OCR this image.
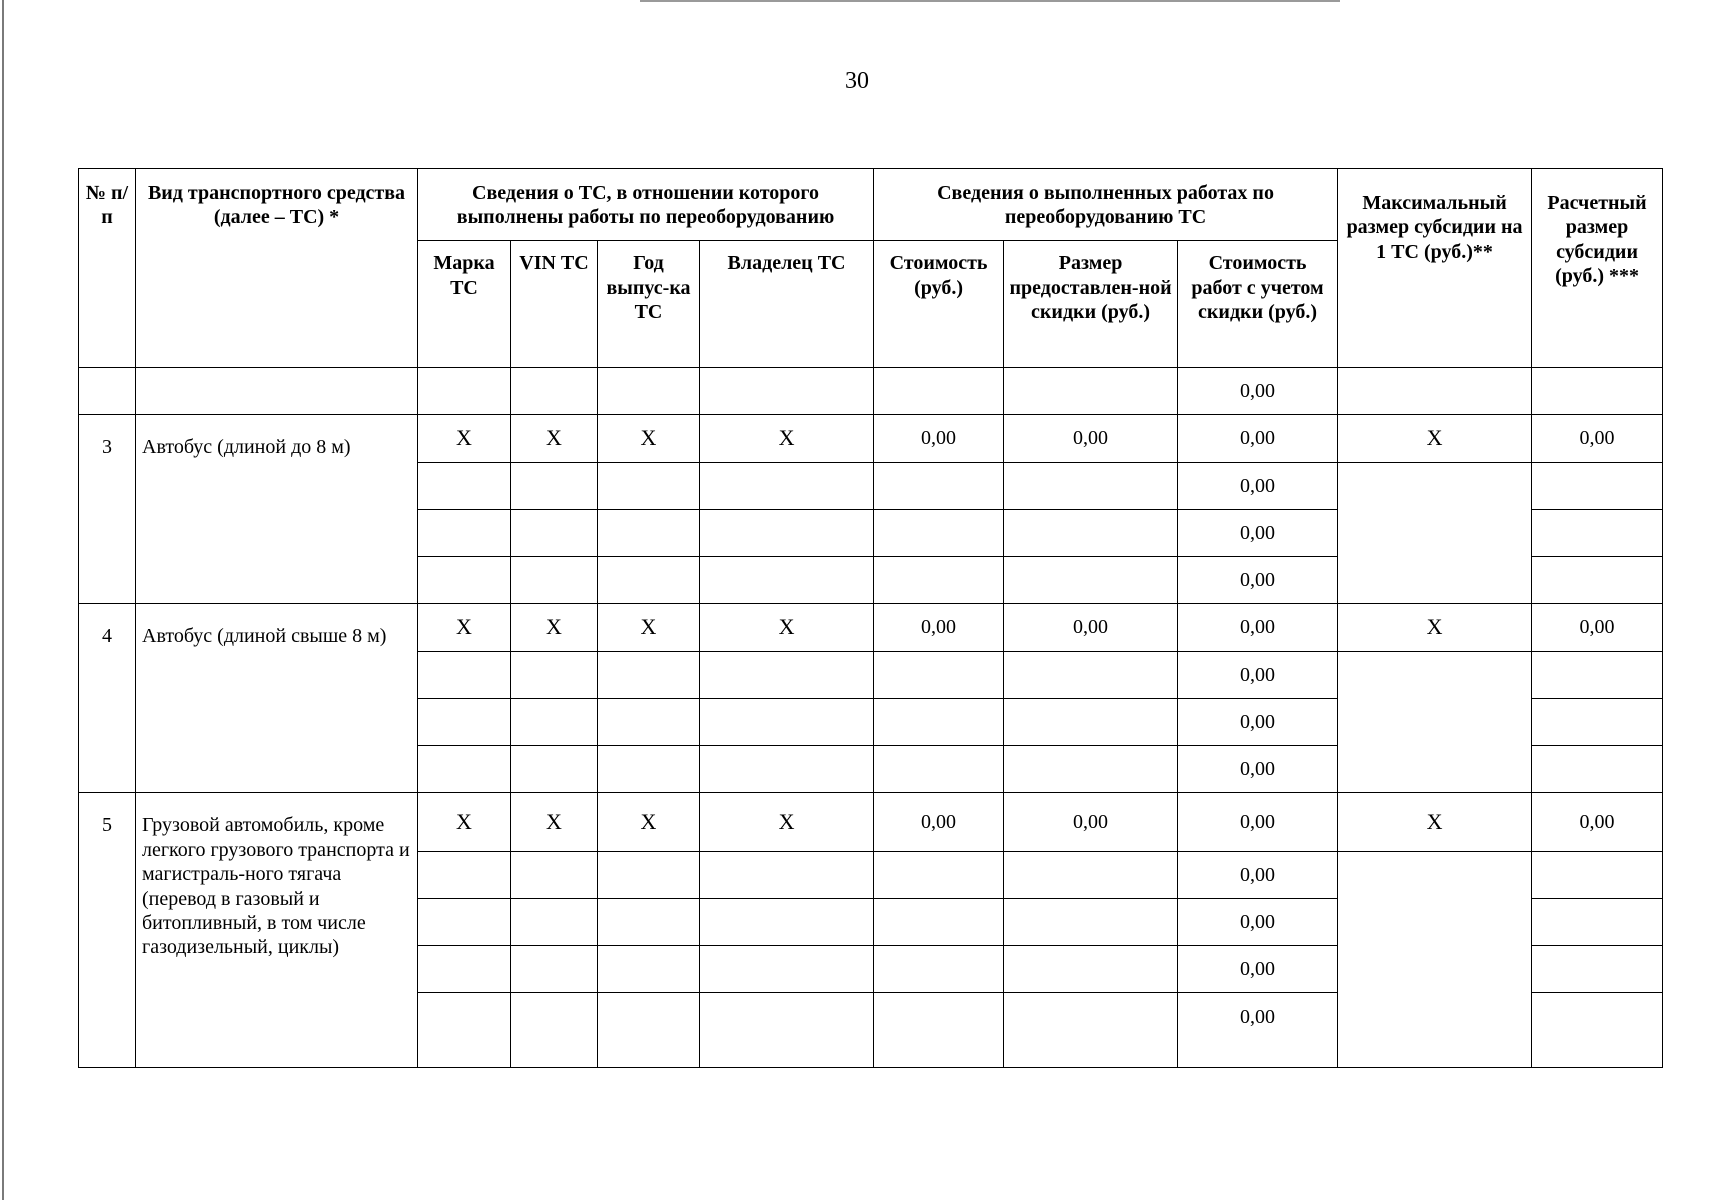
30
№ п/п	Вид транспортного средства (далее – ТС) *	Сведения о ТС, в отношении которого выполнены работы по переоборудованию				Сведения о выполненных работах по переоборудованию ТС			Максимальный размер субсидии на 1 ТС (руб.)**	Расчетный размер субсидии (руб.) ***
		Марка ТС	VIN ТС	Год выпус-ка ТС	Владелец ТС	Стоимость (руб.)	Размер предоставлен-ной скидки (руб.)	Стоимость работ с учетом скидки (руб.)		
								0,00		
3	Автобус (длиной до 8 м)	X	X	X	X	0,00	0,00	0,00	X	0,00
								0,00		
								0,00		
								0,00		
4	Автобус (длиной свыше 8 м)	X	X	X	X	0,00	0,00	0,00	X	0,00
								0,00		
								0,00		
								0,00		
5	Грузовой автомобиль, кроме легкого грузового транспорта и магистраль-ного тягача (перевод в газовый и битопливный, в том числе газодизельный, циклы)	X	X	X	X	0,00	0,00	0,00	X	0,00
								0,00		
								0,00		
								0,00		
								0,00		
